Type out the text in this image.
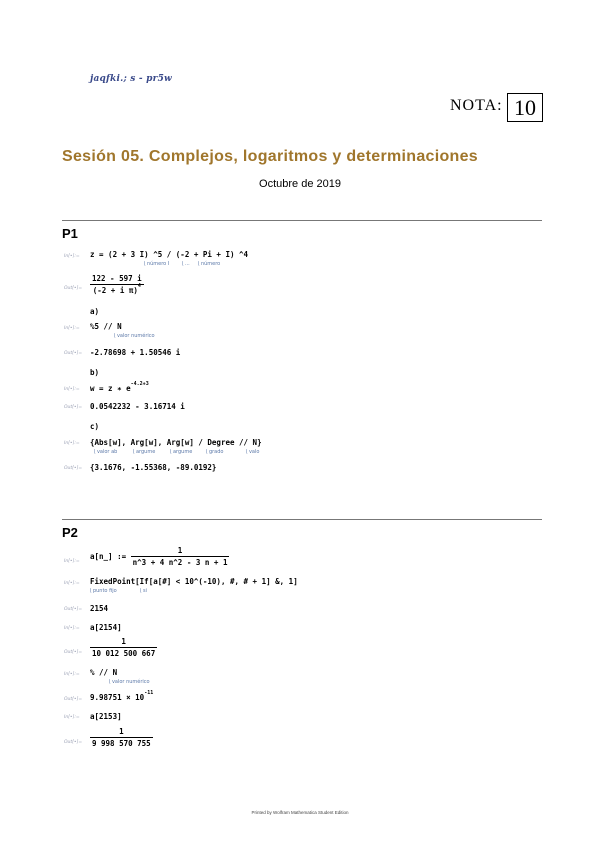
jaqfki.; s - pr5w
NOTA: 10
Sesión 05. Complejos, logaritmos y determinaciones
Octubre de 2019
P1
In[•]:= z = (2 + 3 I) ^5 / (-2 + Pi + I) ^4
⌊ número I	⌊ ...	⌊ número
Out[•]= $\frac{122 - 597 i}{(-2 + i \pi)^4}$
a)
In[•]:= %5 // N
⌊ valor numérico
Out[•]= -2.78698 + 1.50546 i
b)
In[•]:= w = z ∗ $e^{-4.2+3}$
Out[•]= 0.0542232 - 3.16714 i
c)
In[•]:= {Abs[w], Arg[w], Arg[w] / Degree // N}
⌊ valor ab	⌊ argume	⌊ argume	⌊ grado	⌊ valo
Out[•]= {3.1676, -1.55368, -89.0192}
P2
In[•]:=
a[n_] := $\frac{1}{n\^{}3 + 4 n\^{}2 - 3 n + 1}$
In[•]:= FixedPoint[If[a[#] < 10^(-10), #, # + 1] &, 1]
⌊ punto fijo	⌊ si
Out[•]= 2154
In[•]:= a[2154]
Out[•]= $\frac{1}{10 012 500 667}$
In[•]:= % // N
⌊ valor numérico
Out[•]= $9.98751 \times 10^{-11}$
In[•]:= a[2153]
Out[•]= $\frac{1}{9 998 570 755}$
Printed by Wolfram Mathematica Student Edition
